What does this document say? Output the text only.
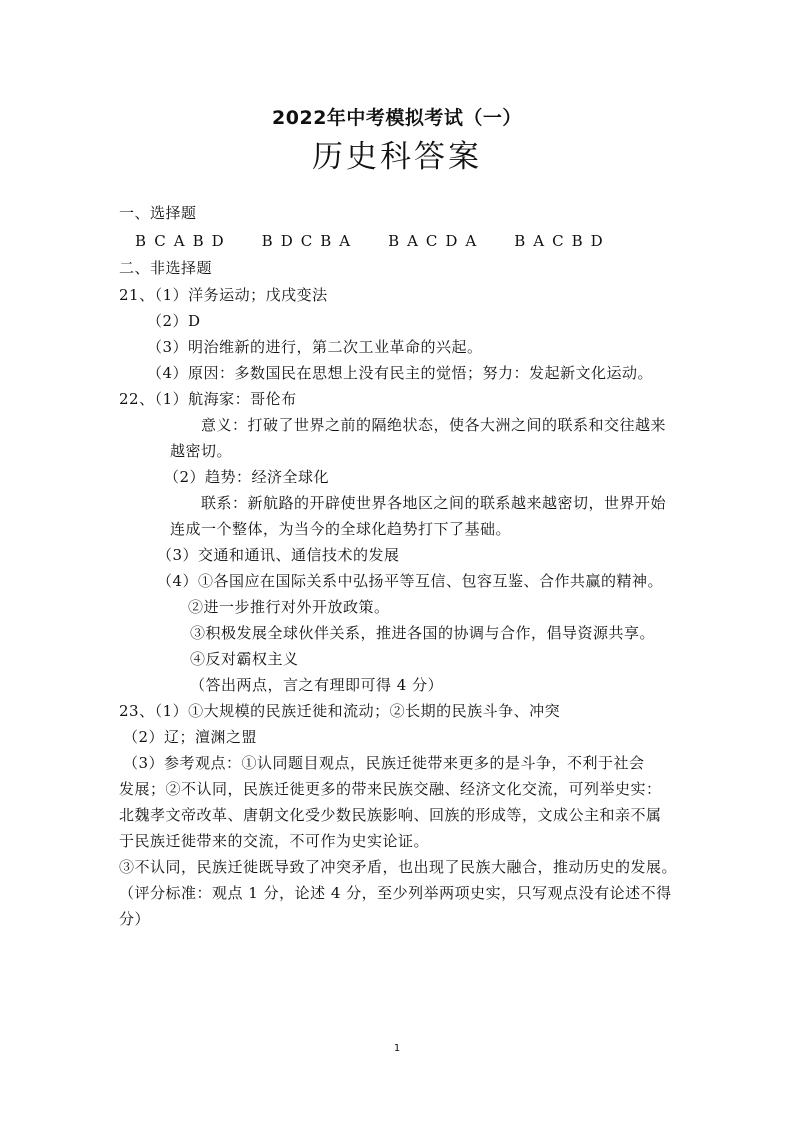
2022年中考模拟考试（一）
历史科答案
一、选择题
BCABD BDCBA BACDA BACBD
二、非选择题
21、（1）洋务运动；戊戌变法
（2）D
（3）明治维新的进行，第二次工业革命的兴起。
（4）原因：多数国民在思想上没有民主的觉悟；努力：发起新文化运动。
22、（1）航海家：哥伦布
意义：打破了世界之前的隔绝状态，使各大洲之间的联系和交往越来
越密切。
（2）趋势：经济全球化
联系：新航路的开辟使世界各地区之间的联系越来越密切，世界开始
连成一个整体，为当今的全球化趋势打下了基础。
（3）交通和通讯、通信技术的发展
（4）①各国应在国际关系中弘扬平等互信、包容互鉴、合作共赢的精神。
②进一步推行对外开放政策。
③积极发展全球伙伴关系，推进各国的协调与合作，倡导资源共享。
④反对霸权主义
（答出两点，言之有理即可得 4 分）
23、（1）①大规模的民族迁徙和流动；②长期的民族斗争、冲突
（2）辽；澶渊之盟
（3）参考观点：①认同题目观点，民族迁徙带来更多的是斗争，不利于社会
发展；②不认同，民族迁徙更多的带来民族交融、经济文化交流，可列举史实：
北魏孝文帝改革、唐朝文化受少数民族影响、回族的形成等，文成公主和亲不属
于民族迁徙带来的交流，不可作为史实论证。
③不认同，民族迁徙既导致了冲突矛盾，也出现了民族大融合，推动历史的发展。
（评分标准：观点 1 分，论述 4 分，至少列举两项史实，只写观点没有论述不得
分）
1
